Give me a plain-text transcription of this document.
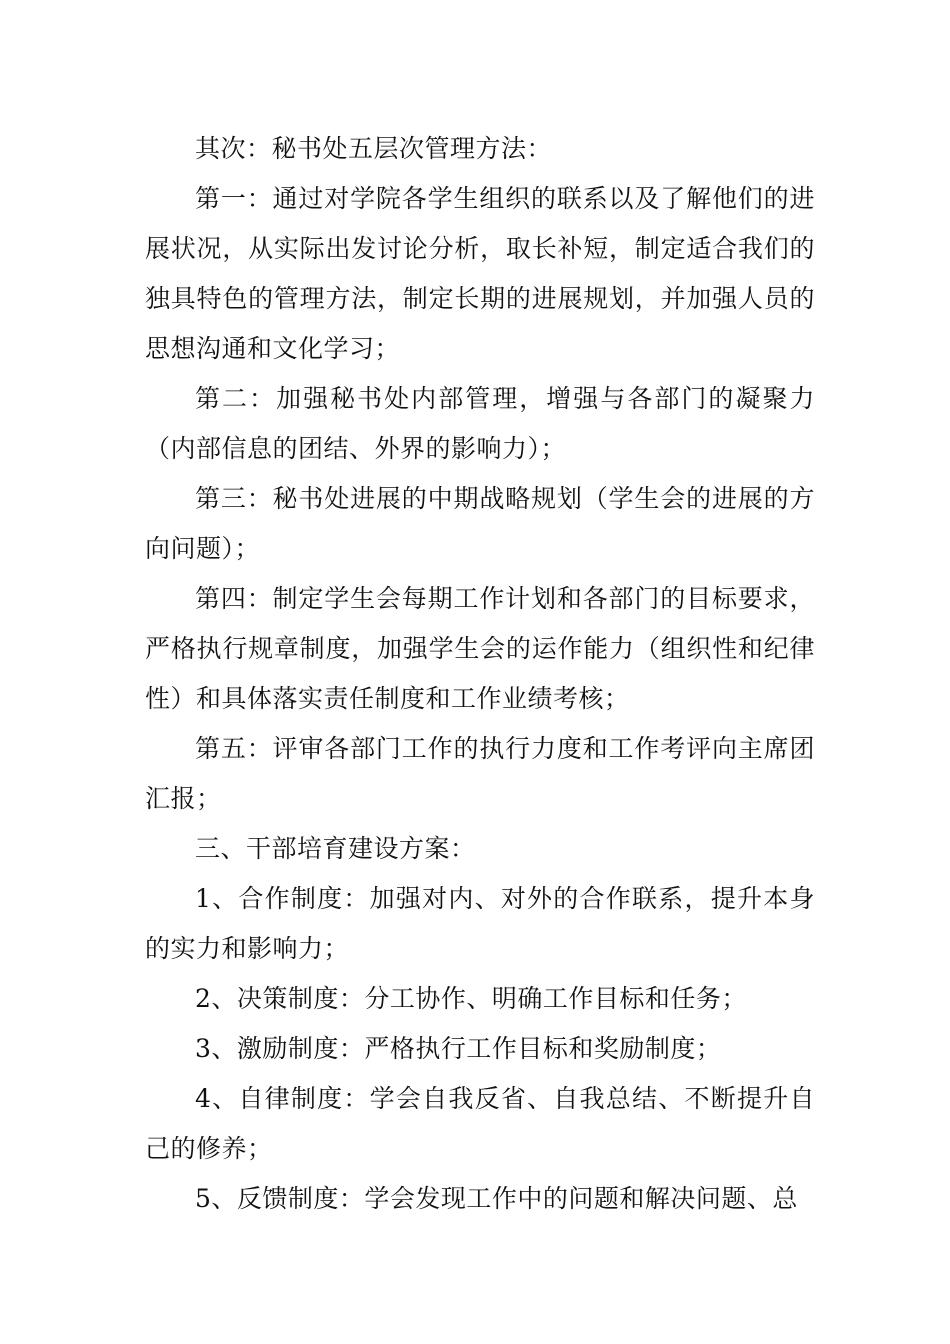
其次：秘书处五层次管理方法：

第一：通过对学院各学生组织的联系以及了解他们的进展状况，从实际出发讨论分析，取长补短，制定适合我们的独具特色的管理方法，制定长期的进展规划，并加强人员的思想沟通和文化学习；

第二：加强秘书处内部管理，增强与各部门的凝聚力（内部信息的团结、外界的影响力）；

第三：秘书处进展的中期战略规划（学生会的进展的方向问题）；

第四：制定学生会每期工作计划和各部门的目标要求，严格执行规章制度，加强学生会的运作能力（组织性和纪律性）和具体落实责任制度和工作业绩考核；

第五：评审各部门工作的执行力度和工作考评向主席团汇报；

三、干部培育建设方案：

1、合作制度：加强对内、对外的合作联系，提升本身的实力和影响力；

2、决策制度：分工协作、明确工作目标和任务；

3、激励制度：严格执行工作目标和奖励制度；

4、自律制度：学会自我反省、自我总结、不断提升自己的修养；

5、反馈制度：学会发现工作中的问题和解决问题、总
